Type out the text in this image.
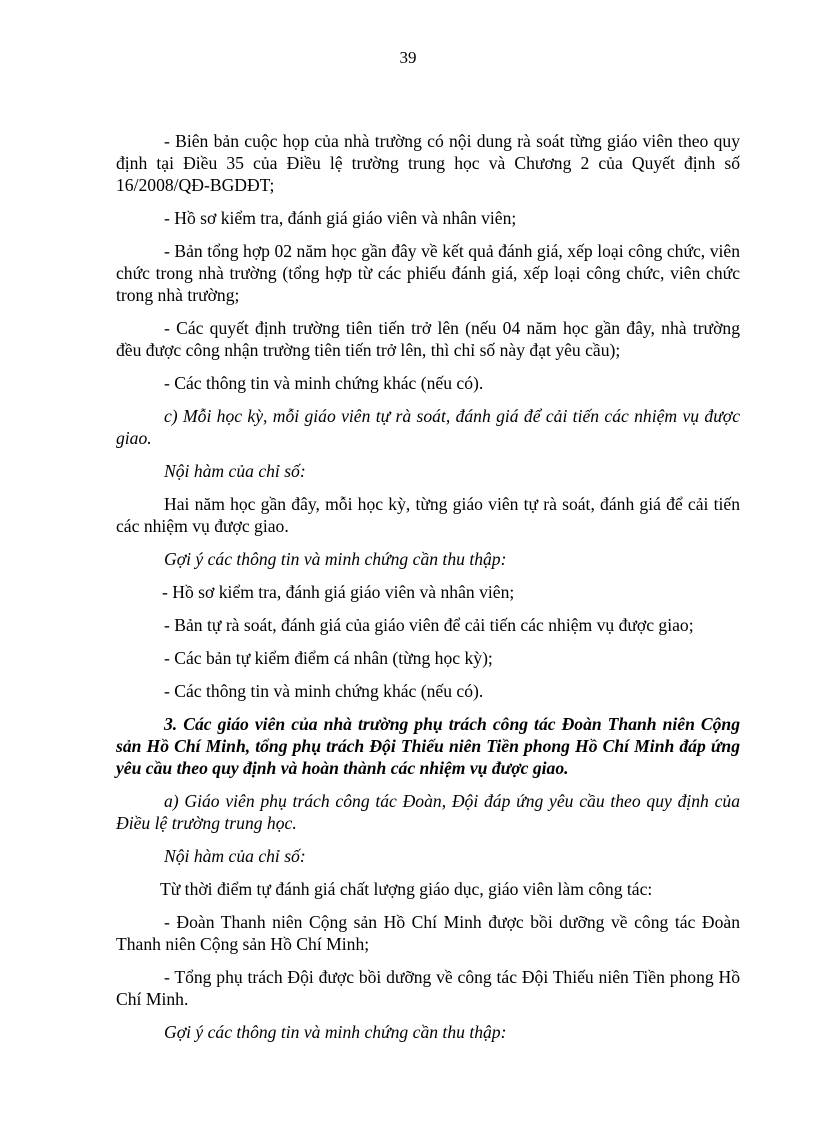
39

- Biên bản cuộc họp của nhà trường có nội dung rà soát từng giáo viên theo quy định tại Điều 35 của Điều lệ trường trung học và Chương 2 của Quyết định số 16/2008/QĐ-BGDĐT;

- Hồ sơ kiểm tra, đánh giá giáo viên và nhân viên;

- Bản tổng hợp 02 năm học gần đây về kết quả đánh giá, xếp loại công chức, viên chức trong nhà trường (tổng hợp từ các phiếu đánh giá, xếp loại công chức, viên chức trong nhà trường;

- Các quyết định trường tiên tiến trở lên (nếu 04 năm học gần đây, nhà trường đều được công nhận trường tiên tiến trở lên, thì chỉ số này đạt yêu cầu);

- Các thông tin và minh chứng khác (nếu có).

c) Mỗi học kỳ, mỗi giáo viên tự rà soát, đánh giá để cải tiến các nhiệm vụ được giao.

Nội hàm của chỉ số:

Hai năm học gần đây, mỗi học kỳ, từng giáo viên tự rà soát, đánh giá để cải tiến các nhiệm vụ được giao.

Gợi ý các thông tin và minh chứng cần thu thập:

- Hồ sơ kiểm tra, đánh giá giáo viên và nhân viên;

- Bản tự rà soát, đánh giá của giáo viên để cải tiến các nhiệm vụ được giao;

- Các bản tự kiểm điểm cá nhân (từng học kỳ);

- Các thông tin và minh chứng khác (nếu có).

3. Các giáo viên của nhà trường phụ trách công tác Đoàn Thanh niên Cộng sản Hồ Chí Minh, tổng phụ trách Đội Thiếu niên Tiền phong Hồ Chí Minh đáp ứng yêu cầu theo quy định và hoàn thành các nhiệm vụ được giao.

a) Giáo viên phụ trách công tác Đoàn, Đội đáp ứng yêu cầu theo quy định của Điều lệ trường trung học.

Nội hàm của chỉ số:

Từ thời điểm tự đánh giá chất lượng giáo dục, giáo viên làm công tác:

- Đoàn Thanh niên Cộng sản Hồ Chí Minh được bồi dưỡng về công tác Đoàn Thanh niên Cộng sản Hồ Chí Minh;

- Tổng phụ trách Đội được bồi dưỡng về công tác Đội Thiếu niên Tiền phong Hồ Chí Minh.

Gợi ý các thông tin và minh chứng cần thu thập:
